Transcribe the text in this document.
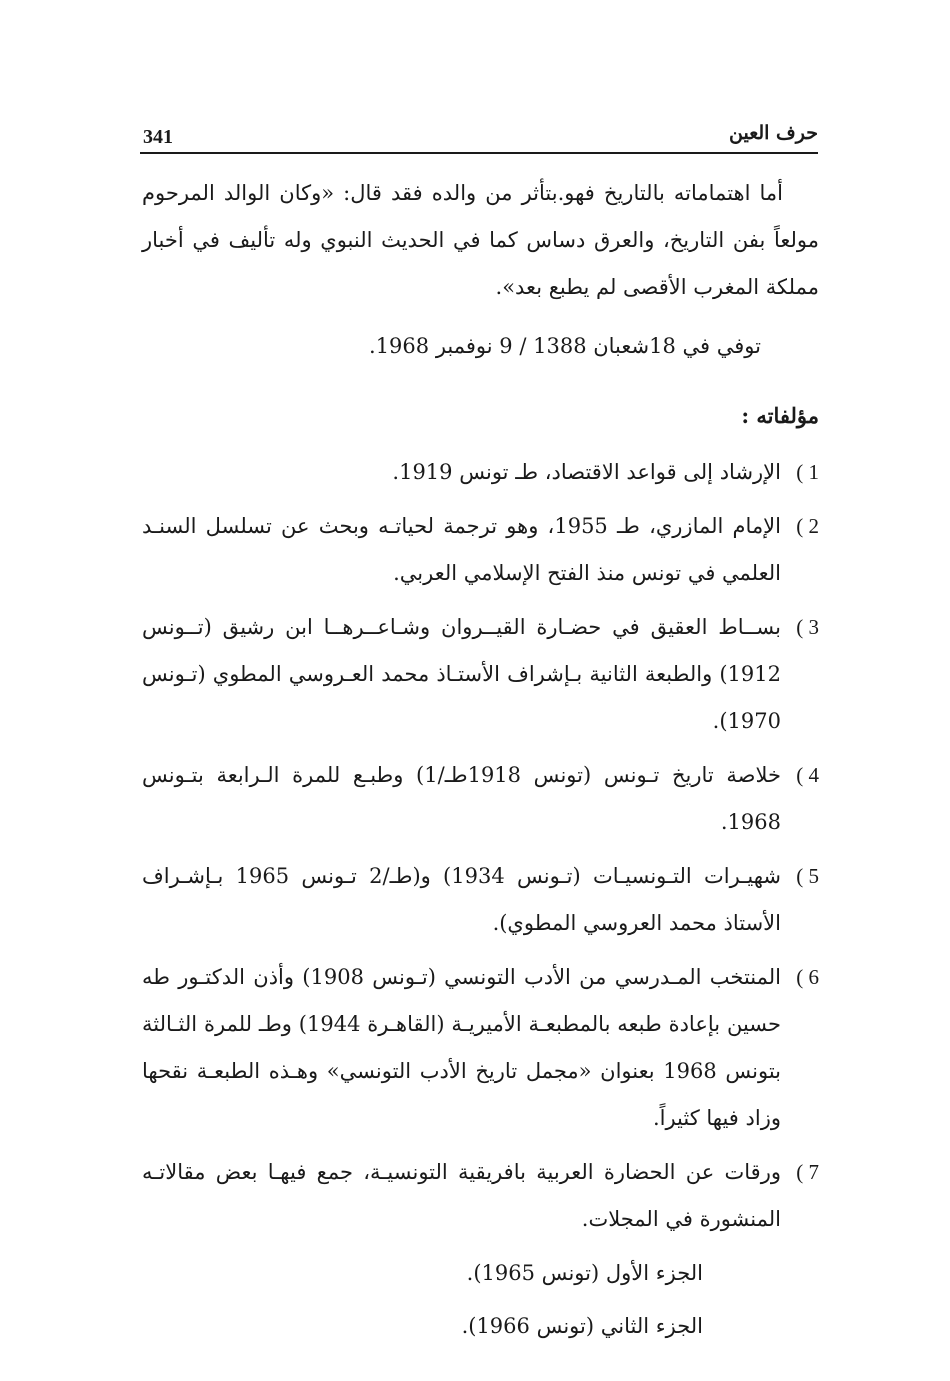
341	حرف العين

أما اهتماماته بالتاريخ فهو.بتأثر من والده فقد قال: «وكان الوالد المرحوم مولعاً بفن التاريخ، والعرق دساس كما في الحديث النبوي وله تأليف في أخبار مملكة المغرب الأقصى لم يطبع بعد».

توفي في 18شعبان 1388 / 9 نوفمبر 1968.

مؤلفاته :
1 )
الإرشاد إلى قواعد الاقتصاد، طـ تونس 1919.
2 )
الإمام المازري، طـ 1955، وهو ترجمة لحياتـه وبحث عن تسلسل السنـد العلمي في تونس منذ الفتح الإسلامي العربي.
3 )
بســاط العقيق في حضـارة القيــروان وشـاعــرهــا ابن رشيق (تــونس 1912) والطبعة الثانية بـإشراف الأستـاذ محمد العـروسي المطوي (تـونس 1970).
4 )
خلاصة تاريخ تـونس (تونس 1918طـ/1) وطبـع للمرة الـرابعة بتـونس 1968.
5 )
شهيـرات التـونسيـات (تـونس 1934) و(طـ/2 تـونس 1965 بـإشـراف الأستاذ محمد العروسي المطوي).
6 )
المنتخب المـدرسي من الأدب التونسي (تـونس 1908) وأذن الدكتـور طه حسين بإعادة طبعه بالمطبعـة الأميريـة (القاهـرة 1944) وطـ للمرة الثـالثة بتونس 1968 بعنوان «مجمل تاريخ الأدب التونسي» وهـذه الطبعـة نقحها وزاد فيها كثيراً.
7 )
ورقات عن الحضارة العربية بافريقية التونسيـة، جمع فيهـا بعض مقالاتـه المنشورة في المجلات.
الجزء الأول (تونس 1965).
الجزء الثاني (تونس 1966).
